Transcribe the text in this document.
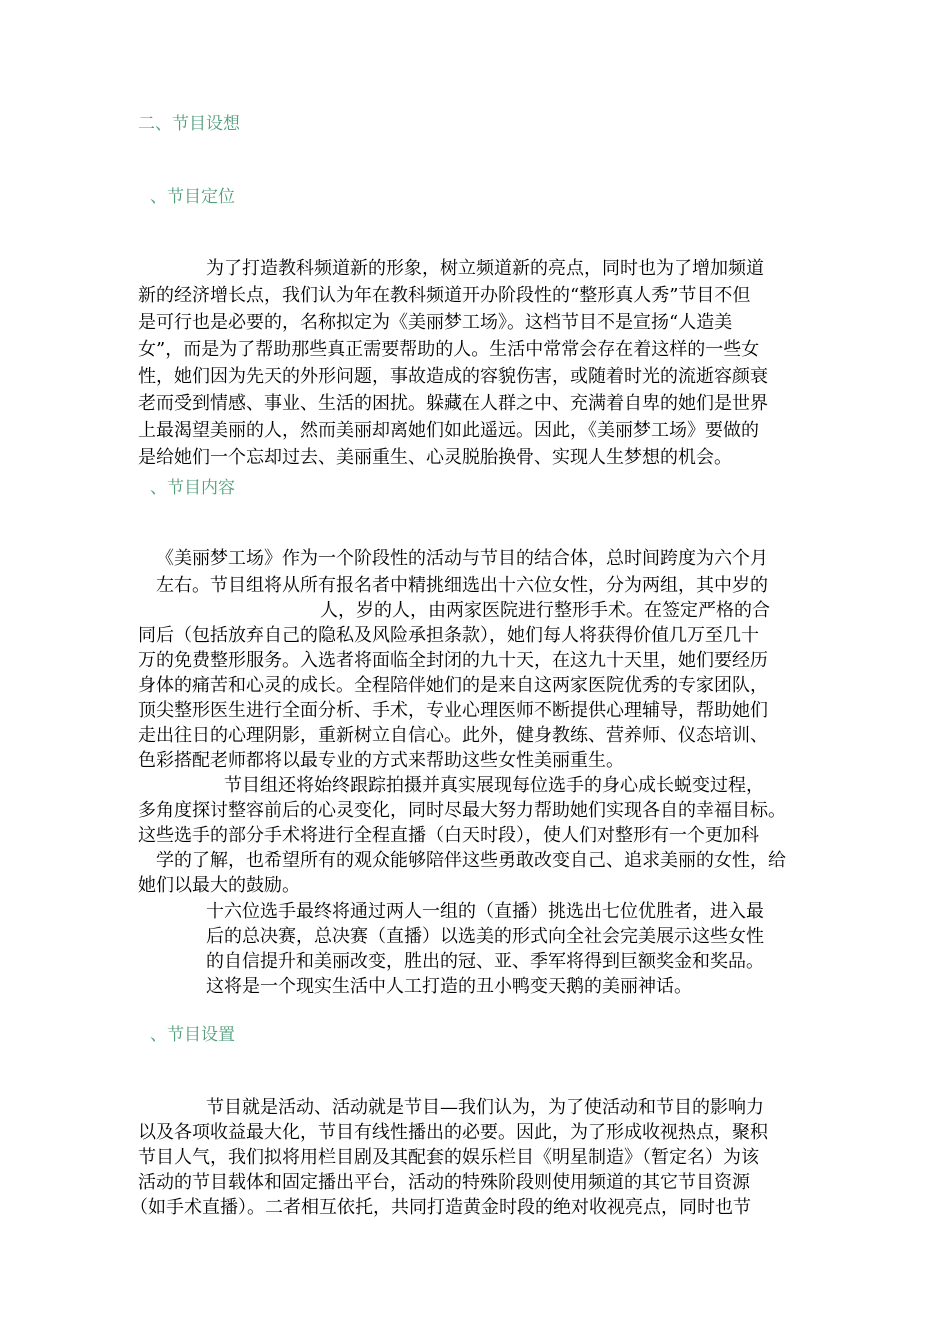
二、节目设想
、节目定位
为了打造教科频道新的形象，树立频道新的亮点，同时也为了增加频道
新的经济增长点，我们认为年在教科频道开办阶段性的“整形真人秀”节目不但
是可行也是必要的，名称拟定为《美丽梦工场》。这档节目不是宣扬“人造美
女”，而是为了帮助那些真正需要帮助的人。生活中常常会存在着这样的一些女
性，她们因为先天的外形问题，事故造成的容貌伤害，或随着时光的流逝容颜衰
老而受到情感、事业、生活的困扰。躲藏在人群之中、充满着自卑的她们是世界
上最渴望美丽的人，然而美丽却离她们如此遥远。因此，《美丽梦工场》要做的
是给她们一个忘却过去、美丽重生、心灵脱胎换骨、实现人生梦想的机会。
、节目内容
《美丽梦工场》作为一个阶段性的活动与节目的结合体，总时间跨度为六个月
左右。节目组将从所有报名者中精挑细选出十六位女性，分为两组，其中岁的
人，岁的人，由两家医院进行整形手术。在签定严格的合
同后（包括放弃自己的隐私及风险承担条款），她们每人将获得价值几万至几十
万的免费整形服务。入选者将面临全封闭的九十天，在这九十天里，她们要经历
身体的痛苦和心灵的成长。全程陪伴她们的是来自这两家医院优秀的专家团队，
顶尖整形医生进行全面分析、手术，专业心理医师不断提供心理辅导，帮助她们
走出往日的心理阴影，重新树立自信心。此外，健身教练、营养师、仪态培训、
色彩搭配老师都将以最专业的方式来帮助这些女性美丽重生。
节目组还将始终跟踪拍摄并真实展现每位选手的身心成长蜕变过程，
多角度探讨整容前后的心灵变化，同时尽最大努力帮助她们实现各自的幸福目标。
这些选手的部分手术将进行全程直播（白天时段），使人们对整形有一个更加科
学的了解，也希望所有的观众能够陪伴这些勇敢改变自己、追求美丽的女性，给
她们以最大的鼓励。
十六位选手最终将通过两人一组的（直播）挑选出七位优胜者，进入最
后的总决赛，总决赛（直播）以选美的形式向全社会完美展示这些女性
的自信提升和美丽改变，胜出的冠、亚、季军将得到巨额奖金和奖品。
这将是一个现实生活中人工打造的丑小鸭变天鹅的美丽神话。
、节目设置
节目就是活动、活动就是节目—我们认为，为了使活动和节目的影响力
以及各项收益最大化，节目有线性播出的必要。因此，为了形成收视热点，聚积
节目人气，我们拟将用栏目剧及其配套的娱乐栏目《明星制造》（暂定名）为该
活动的节目载体和固定播出平台，活动的特殊阶段则使用频道的其它节目资源
（如手术直播）。二者相互依托，共同打造黄金时段的绝对收视亮点，同时也节
